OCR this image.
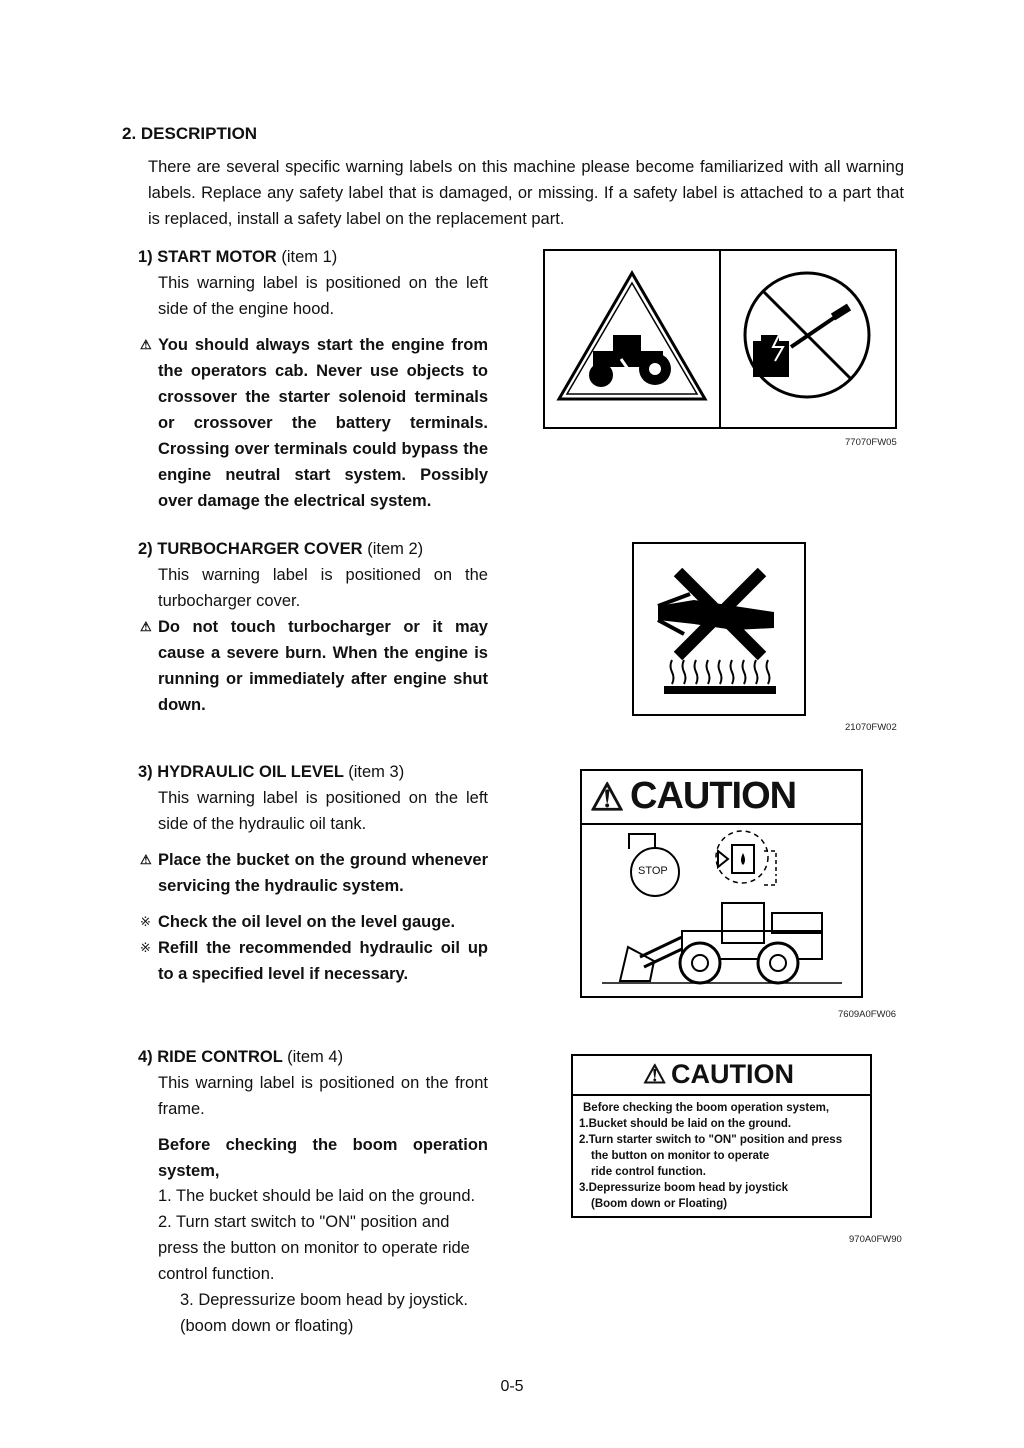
2. DESCRIPTION
There are several specific warning labels on this machine please become familiarized with all warning labels. Replace any safety label that is damaged, or missing. If a safety label is attached to a part that is replaced, install a safety label on the replacement part.
1) START MOTOR (item 1)
This warning label is positioned on the left side of the engine hood.
⚠ You should always start the engine from the operators cab. Never use objects to crossover the starter solenoid terminals or crossover the battery terminals. Crossing over terminals could bypass the engine neutral start system. Possibly over damage the electrical system.
77070FW05
2) TURBOCHARGER COVER (item 2)
This warning label is positioned on the turbocharger cover.
⚠ Do not touch turbocharger or it may cause a severe burn. When the engine is running or immediately after engine shut down.
21070FW02
3) HYDRAULIC OIL LEVEL (item 3)
This warning label is positioned on the left side of the hydraulic oil tank.
⚠ Place the bucket on the ground whenever servicing the hydraulic system.
※ Check the oil level on the level gauge.
※ Refill the recommended hydraulic oil up to a specified level if necessary.
⚠ CAUTION
STOP
7609A0FW06
4) RIDE CONTROL (item 4)
This warning label is positioned on the front frame.
Before checking the boom operation system,
1. The bucket should be laid on the ground.
2. Turn start switch to "ON" position and press the button on monitor to operate ride control function.
3. Depressurize boom head by joystick. (boom down or floating)
⚠ CAUTION
Before checking the boom operation system,
1.Bucket should be laid on the ground.
2.Turn starter switch to "ON" position and press
the button on monitor to operate
ride control function.
3.Depressurize boom head by joystick
(Boom down or Floating)
970A0FW90
0-5
